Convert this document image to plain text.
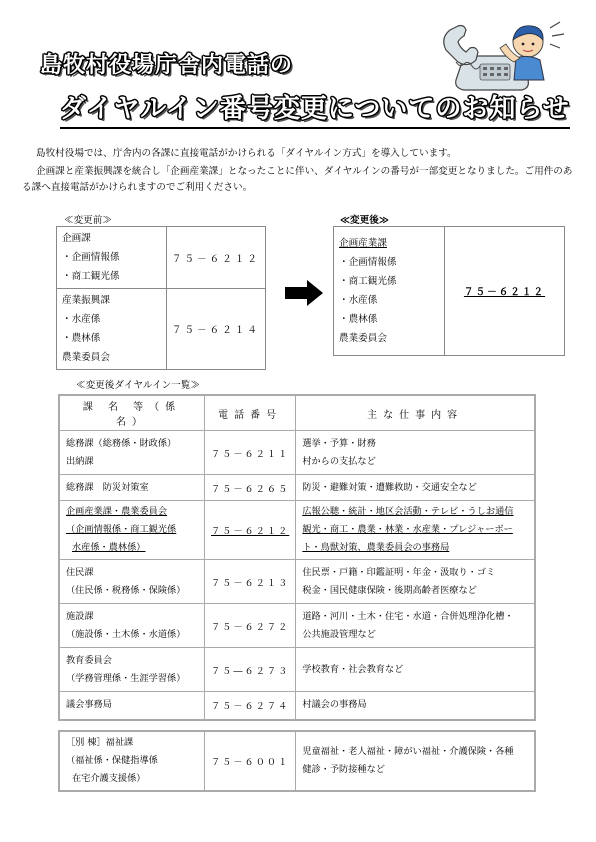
島牧村役場庁舎内電話の
ダイヤルイン番号変更についてのお知らせ

島牧村役場では、庁舎内の各課に直接電話がかけられる「ダイヤルイン方式」を導入しています。

企画課と産業振興課を統合し「企画産業課」となったことに伴い、ダイヤルインの番号が一部変更となりました。ご用件のある課へ直接電話がかけられますのでご利用ください。

≪変更前≫	≪変更後≫
企画課
・企画情報係
・商工観光係	７５－６２１２

産業振興課
・水産係
・農林係
農業委員会	７５－６２１４
企画産業課
・企画情報係
・商工観光係
・水産係
・農林係
農業委員会
	７５－６２１２
≪変更後ダイヤルイン一覧≫
課 名 等（係 名）	電話番号	主な仕事内容

総務課（総務係・財政係）
出納課	７５－６２１１	選挙・予算・財務
村からの支払など

総務課　防災対策室	７５－６２６５	防災・避難対策・遭難救助・交通安全など

企画産業課・農業委員会
（企画情報係・商工観光係
水産係・農林係）	７５－６２１２	広報公聴・統計・地区会活動・テレビ・うしお通信
観光・商工・農業・林業・水産業・プレジャーボート・鳥獣対策、農業委員会の事務局

住民課
（住民係・税務係・保険係）	７５－６２１３	住民票・戸籍・印鑑証明・年金・汲取り・ゴミ
税金・国民健康保険・後期高齢者医療など

施設課
（施設係・土木係・水道係）	７５－６２７２	道路・河川・土木・住宅・水道・合併処理浄化槽・
公共施設管理など

教育委員会
（学務管理係・生涯学習係）	７５―６２７３	学校教育・社会教育など

議会事務局	７５－６２７４	村議会の事務局
［別 棟］福祉課
（福祉係・保健指導係
在宅介護支援係）
	７５－６００１	
児童福祉・老人福祉・障がい福祉・介護保険・各種
健診・予防接種など
